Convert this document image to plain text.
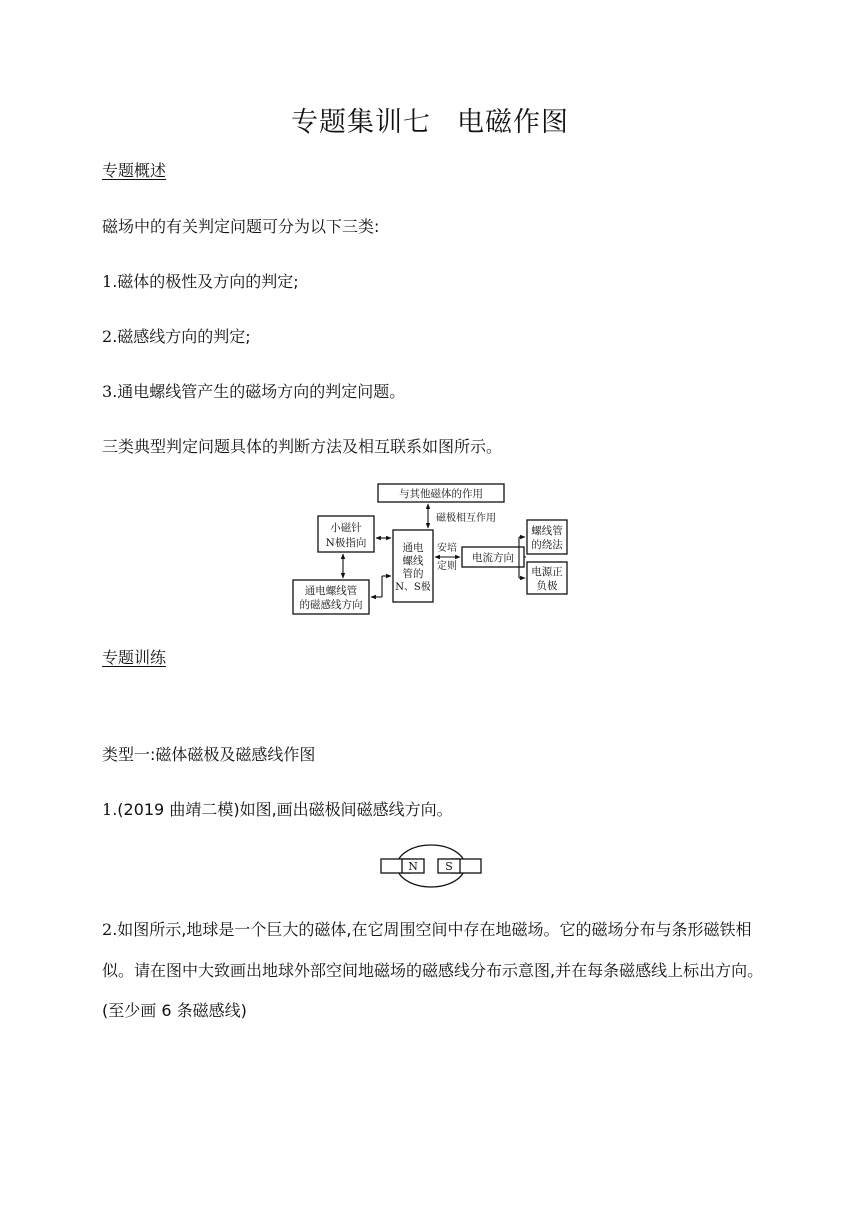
专题集训七 电磁作图
专题概述
磁场中的有关判定问题可分为以下三类:
1.磁体的极性及方向的判定;
2.磁感线方向的判定;
3.通电螺线管产生的磁场方向的判定问题。
三类典型判定问题具体的判断方法及相互联系如图所示。
与其他磁体的作用
磁极相互作用
小磁针
N极指向
通电螺线管
的磁感线方向
通电
螺线
管的
N、S极
安培
定则
电流方向
螺线管
的绕法
电源正
负极
专题训练
类型一:磁体磁极及磁感线作图
1.(2019 曲靖二模)如图,画出磁极间磁感线方向。
N S
2.如图所示,地球是一个巨大的磁体,在它周围空间中存在地磁场。它的磁场分布与条形磁铁相
似。请在图中大致画出地球外部空间地磁场的磁感线分布示意图,并在每条磁感线上标出方向。
(至少画 6 条磁感线)
